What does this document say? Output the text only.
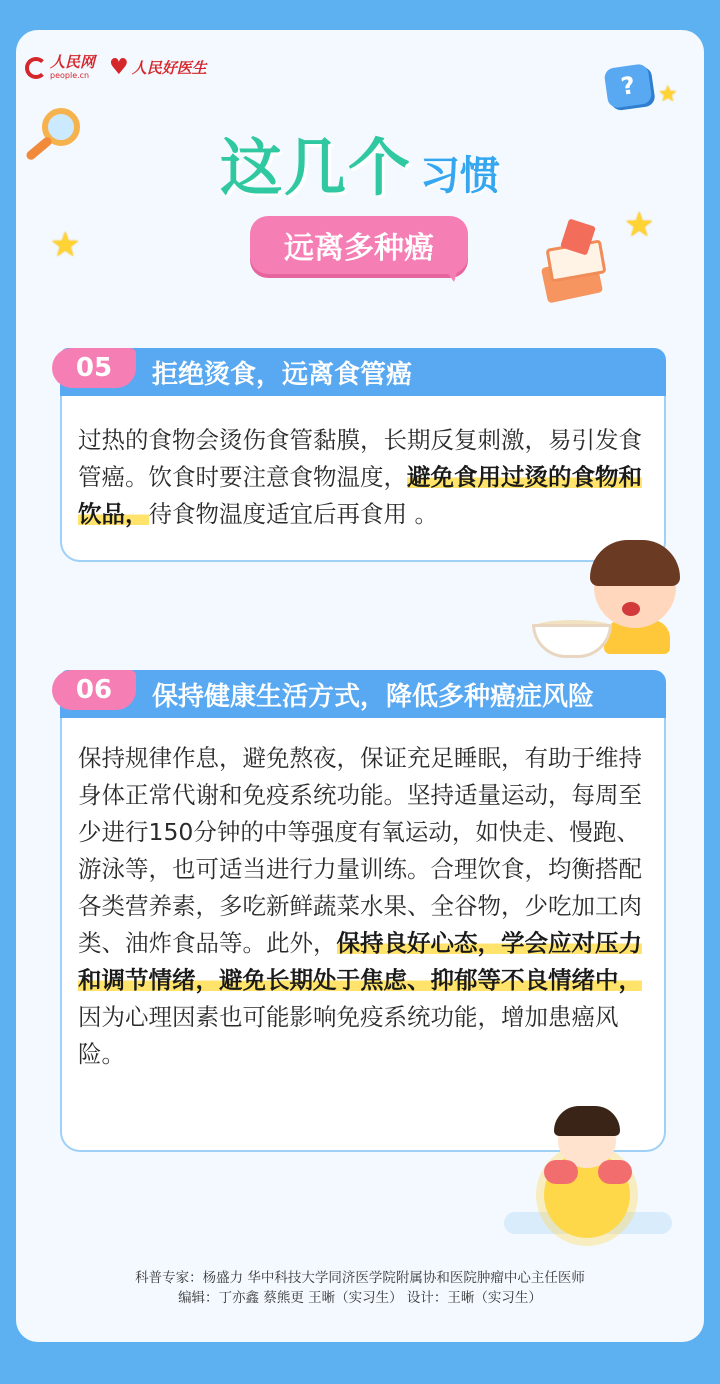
人民网
people.cn ♥ 人民好医生
? ★
★	★
这几个 习惯
远离多种癌
拒绝烫食，远离食管癌
05
过热的食物会烫伤食管黏膜，长期反复刺激，易引发食管癌。饮食时要注意食物温度，避免食用过烫的食物和饮品，待食物温度适宜后再食用 。
保持健康生活方式，降低多种癌症风险
06
保持规律作息，避免熬夜，保证充足睡眠，有助于维持身体正常代谢和免疫系统功能。坚持适量运动，每周至少进行150分钟的中等强度有氧运动，如快走、慢跑、游泳等，也可适当进行力量训练。合理饮食，均衡搭配各类营养素，多吃新鲜蔬菜水果、全谷物，少吃加工肉类、油炸食品等。此外，保持良好心态，学会应对压力和调节情绪，避免长期处于焦虑、抑郁等不良情绪中，因为心理因素也可能影响免疫系统功能，增加患癌风险。
科普专家：杨盛力 华中科技大学同济医学院附属协和医院肿瘤中心主任医师
编辑：丁亦鑫 蔡熊更 王晰（实习生） 设计：王晰（实习生）
